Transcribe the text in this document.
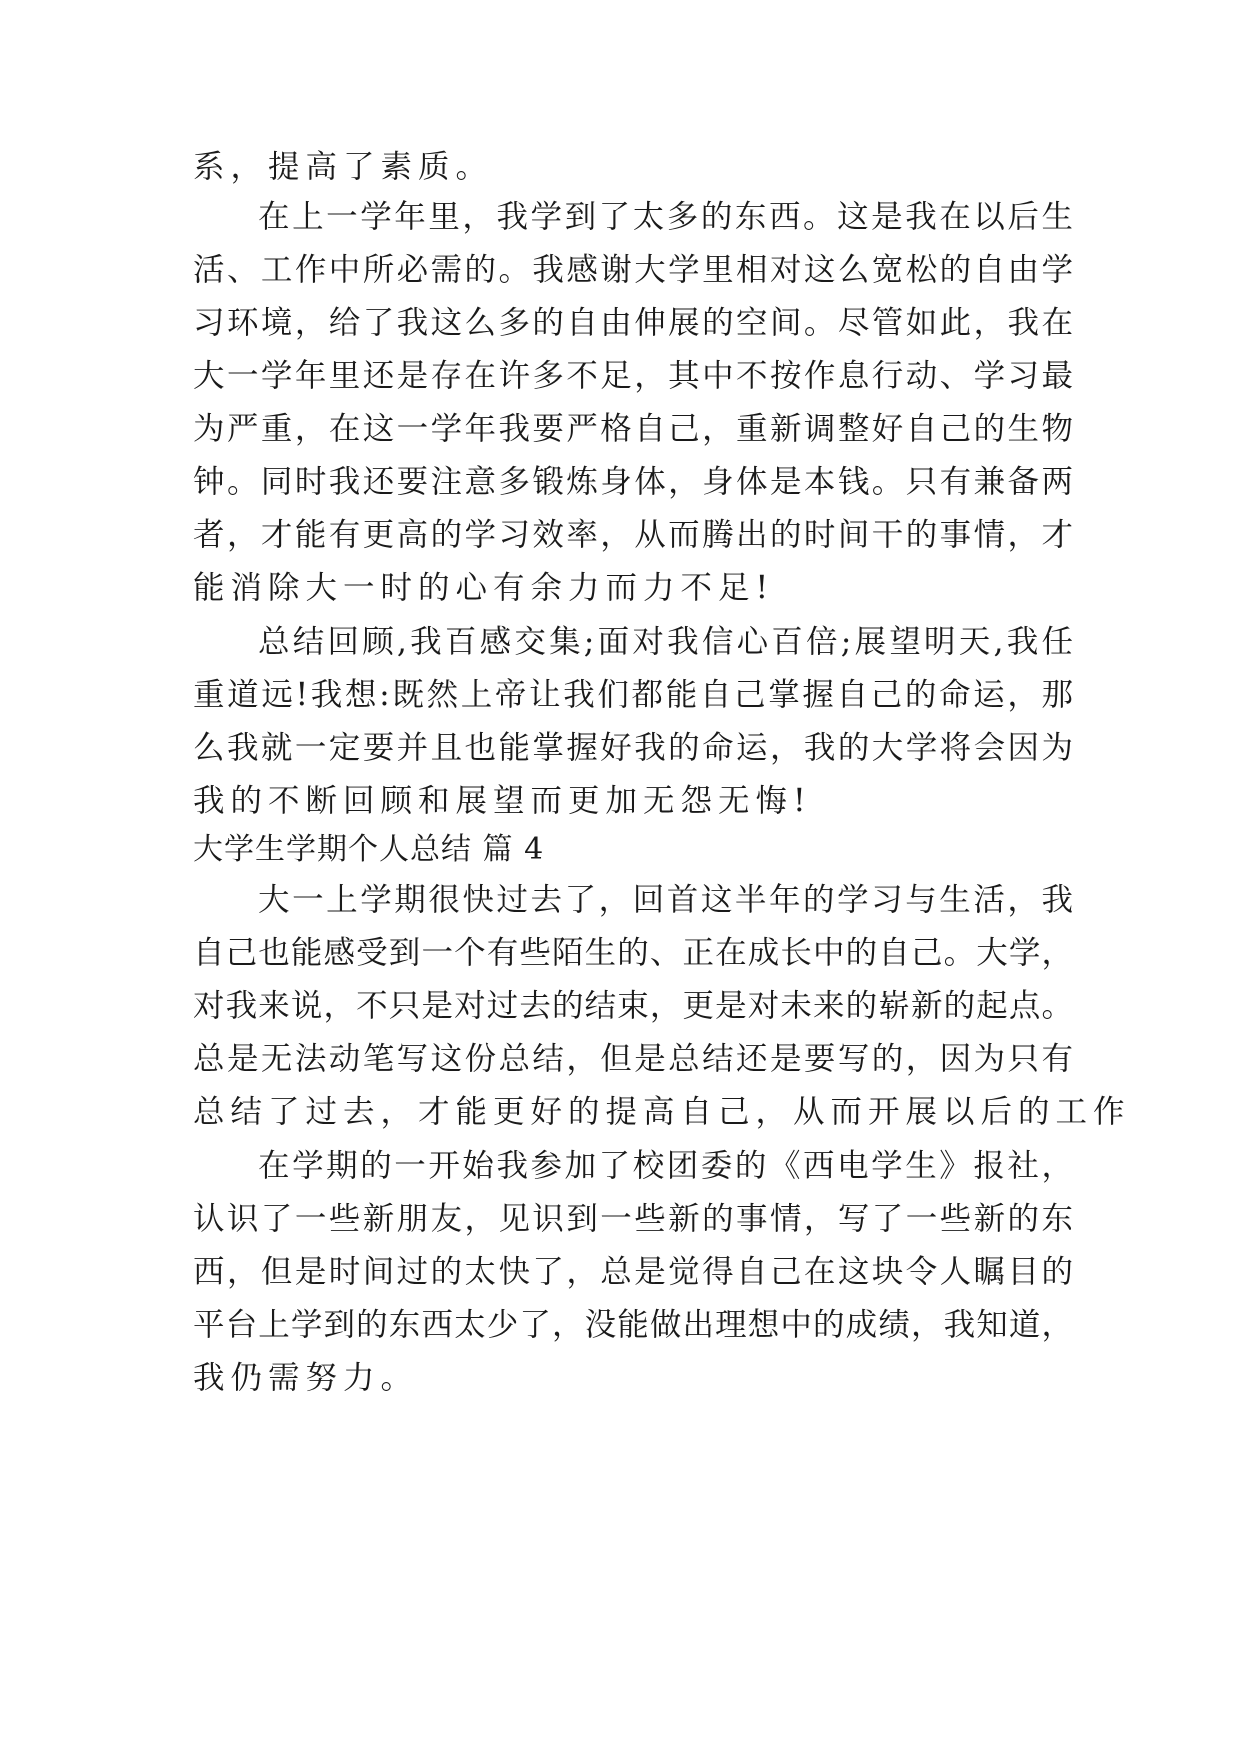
系，提高了素质。
在上一学年里，我学到了太多的东西。这是我在以后生
活、工作中所必需的。我感谢大学里相对这么宽松的自由学
习环境，给了我这么多的自由伸展的空间。尽管如此，我在
大一学年里还是存在许多不足，其中不按作息行动、学习最
为严重，在这一学年我要严格自己，重新调整好自己的生物
钟。同时我还要注意多锻炼身体，身体是本钱。只有兼备两
者，才能有更高的学习效率，从而腾出的时间干的事情，才
能消除大一时的心有余力而力不足!
总结回顾,我百感交集;面对我信心百倍;展望明天,我任
重道远!我想:既然上帝让我们都能自己掌握自己的命运，那
么我就一定要并且也能掌握好我的命运，我的大学将会因为
我的不断回顾和展望而更加无怨无悔!
大学生学期个人总结 篇 4
大一上学期很快过去了，回首这半年的学习与生活，我
自己也能感受到一个有些陌生的、正在成长中的自己。大学，
对我来说，不只是对过去的结束，更是对未来的崭新的起点。
总是无法动笔写这份总结，但是总结还是要写的，因为只有
总结了过去，才能更好的提高自己，从而开展以后的工作
在学期的一开始我参加了校团委的《西电学生》报社，
认识了一些新朋友，见识到一些新的事情，写了一些新的东
西，但是时间过的太快了，总是觉得自己在这块令人瞩目的
平台上学到的东西太少了，没能做出理想中的成绩，我知道，
我仍需努力。
